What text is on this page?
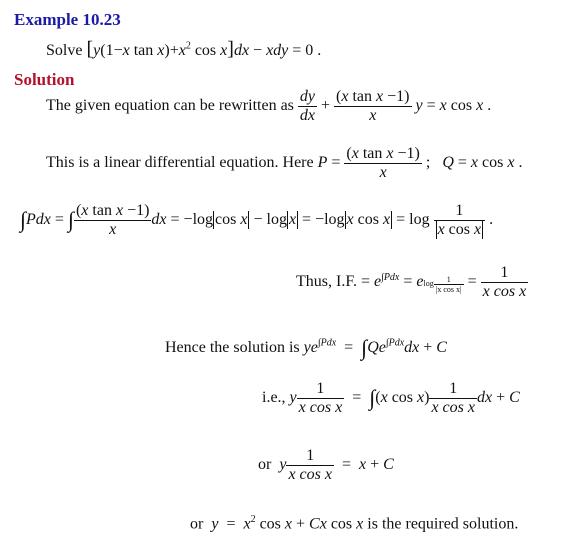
Example 10.23
Solve [y(1−x $\tan x)+x^2$ cos x]dx − xdy = 0 .
Solution
The given equation can be rewritten as $\frac{dy}{dx} + \frac{\text{(x tan x −1)}}{x}$ y = x cos x .
This is a linear differential equation. Here $P = \frac{\text{(x tan x −1)}}{x}$ ;   Q = x cos x .
∫Pdx = ∫ $\frac{\text{(x tan x −1)}}{x}$ dx = −log cos x − log x = −log x $\cos x = \log \frac{1}{\text{x cos x}}$ .
Thus, I.F. = $e^{\int Pdx} = elog \frac{1}{\text{|x cos x|}} = \frac{1}{\text{x cos x}}$
Hence the solution is $ye^{\int Pdx} = \int Qe^{\int Pdx}dx + C$
i.e., y $\frac{1}{\text{x cos x}} = \int(x$ $\cos x) \frac{1}{\text{x cos x}}$ dx + C
or y $\frac{1}{\text{x cos x}} = x + C$
or $y = x^2$ cos x + Cx cos x is the required solution.
